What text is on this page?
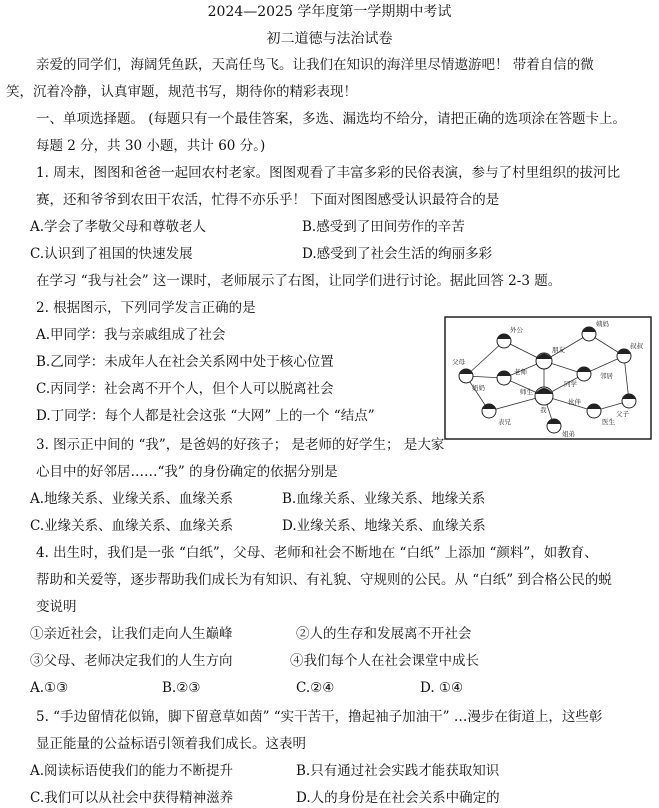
2024—2025 学年度第一学期期中考试
初二道德与法治试卷
亲爱的同学们，海阔凭鱼跃，天高任鸟飞。让我们在知识的海洋里尽情遨游吧！ 带着自信的微
笑，沉着冷静，认真审题，规范书写，期待你的精彩表现！
一、单项选择题。 (每题只有一个最佳答案，多选、漏选均不给分，请把正确的选项涂在答题卡上。
每题 2 分，共 30 小题，共计 60 分。)
1. 周末，图图和爸爸一起回农村老家。图图观看了丰富多彩的民俗表演，参与了村里组织的拔河比
赛，还和爷爷到农田干农活，忙得不亦乐乎！ 下面对图图感受认识最符合的是
A.学会了孝敬父母和尊敬老人	B.感受到了田间劳作的辛苦
C.认识到了祖国的快速发展	D.感受到了社会生活的绚丽多彩
在学习 “我与社会” 这一课时，老师展示了右图，让同学们进行讨论。据此回答 2-3 题。
2. 根据图示，下列同学发言正确的是
A.甲同学：我与亲戚组成了社会
B.乙同学：未成年人在社会关系网中处于核心位置
C.丙同学：社会离不开个人，但个人可以脱离社会
D.丁同学：每个人都是社会这张 “大网” 上的一个 “结点”
父母
外公
朋友
姨妈
叔叔
奶奶
老师
同学
邻居
我
表兄	医生
父子
师生
姐弟
伙伴
3. 图示正中间的 “我”，是爸妈的好孩子； 是老师的好学生； 是大家
心目中的好邻居……“我” 的身份确定的依据分别是
A.地缘关系、业缘关系、血缘关系	B.血缘关系、业缘关系、地缘关系
C.业缘关系、血缘关系、血缘关系	D.业缘关系、地缘关系、血缘关系
4. 出生时，我们是一张 “白纸”，父母、老师和社会不断地在 “白纸” 上添加 “颜料”，如教育、
帮助和关爱等，逐步帮助我们成长为有知识、有礼貌、守规则的公民。从 “白纸” 到合格公民的蜕
变说明
①亲近社会，让我们走向人生巅峰	②人的生存和发展离不开社会
③父母、老师决定我们的人生方向	④我们每个人在社会课堂中成长
A.①③	B.②③	C.②④	D. ①④
5. “手边留情花似锦，脚下留意草如茵” “实干苦干，撸起袖子加油干” …漫步在街道上，这些彰
显正能量的公益标语引领着我们成长。这表明
A.阅读标语使我们的能力不断提升	B.只有通过社会实践才能获取知识
C.我们可以从社会中获得精神滋养	D.人的身份是在社会关系中确定的
